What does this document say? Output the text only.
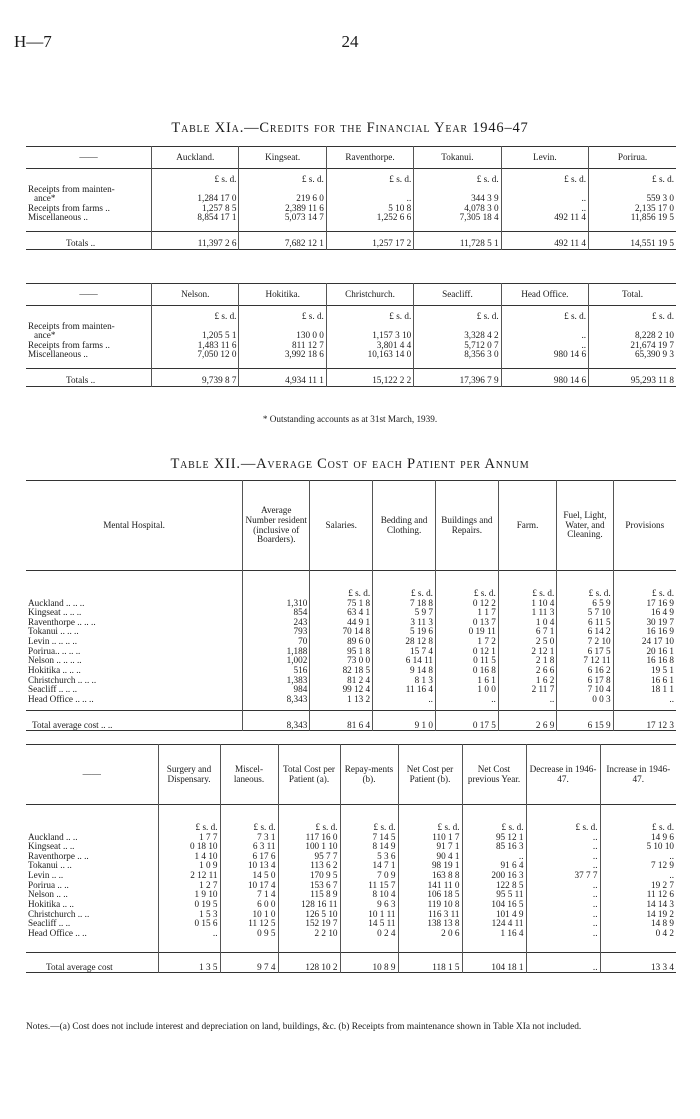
H—7	24
Table XIa.—Credits for the Financial Year 1946–47
——	Auckland.	Kingseat.	Raventhorpe.	Tokanui.	Levin.	Porirua.
	£ s. d.	£ s. d.	£ s. d.	£ s. d.	£ s. d.	£ s. d.
Receipts from mainten-
ance*	1,284 17 0	219 6 0	..	344 3 9	..	559 3 0
Receipts from farms ..	1,257 8 5	2,389 11 6	5 10 8	4,078 3 0	..	2,135 17 0
Miscellaneous ..	8,854 17 1	5,073 14 7	1,252 6 6	7,305 18 4	492 11 4	11,856 19 5

Totals ..	11,397 2 6	7,682 12 1	1,257 17 2	11,728 5 1	492 11 4	14,551 19 5
——	Nelson.	Hokitika.	Christchurch.	Seacliff.	Head Office.	Total.
	£ s. d.	£ s. d.	£ s. d.	£ s. d.	£ s. d.	£ s. d.
Receipts from mainten-
ance*	1,205 5 1	130 0 0	1,157 3 10	3,328 4 2	..	8,228 2 10
Receipts from farms ..	1,483 11 6	811 12 7	3,801 4 4	5,712 0 7	..	21,674 19 7
Miscellaneous ..	7,050 12 0	3,992 18 6	10,163 14 0	8,356 3 0	980 14 6	65,390 9 3

Totals ..	9,739 8 7	4,934 11 1	15,122 2 2	17,396 7 9	980 14 6	95,293 11 8
* Outstanding accounts as at 31st March, 1939.
Table XII.—Average Cost of each Patient per Annum
Mental Hospital.	Average Number resident (inclusive of Boarders).	Salaries.	Bedding and Clothing.	Buildings and Repairs.	Farm.	Fuel, Light, Water, and Cleaning.	Provisions
		£ s. d.	£ s. d.	£ s. d.	£ s. d.	£ s. d.	£ s. d.
Auckland .. .. ..	1,310	75 1 8	7 18 8	0 12 2	1 10 4	6 5 9	17 16 9
Kingseat .. .. ..	854	63 4 1	5 9 7	1 1 7	1 11 3	5 7 10	16 4 9
Raventhorpe .. .. ..	243	44 9 1	3 11 3	0 13 7	1 0 4	6 11 5	30 19 7
Tokanui .. .. ..	793	70 14 8	5 19 6	0 19 11	6 7 1	6 14 2	16 16 9
Levin .. .. .. ..	70	89 6 0	28 12 8	1 7 2	2 5 0	7 2 10	24 17 10
Porirua.. .. .. ..	1,188	95 1 8	15 7 4	0 12 1	2 12 1	6 17 5	20 16 1
Nelson .. .. .. ..	1,002	73 0 0	6 14 11	0 11 5	2 1 8	7 12 11	16 16 8
Hokitika .. .. ..	516	82 18 5	9 14 8	0 16 8	2 6 6	6 16 2	19 5 1
Christchurch .. .. ..	1,383	81 2 4	8 1 3	1 6 1	1 6 2	6 17 8	16 6 1
Seacliff .. .. ..	984	99 12 4	11 16 4	1 0 0	2 11 7	7 10 4	18 1 1
Head Office .. .. ..	8,343	1 13 2	..	..	..	0 0 3	..

Total average cost .. ..	8,343	81 6 4	9 1 0	0 17 5	2 6 9	6 15 9	17 12 3
——	Surgery and Dispensary.	Miscel-laneous.	Total Cost per Patient (a).	Repay-ments (b).	Net Cost per Patient (b).	Net Cost previous Year.	Decrease in 1946-47.	Increase in 1946-47.
	£ s. d.	£ s. d.	£ s. d.	£ s. d.	£ s. d.	£ s. d.	£ s. d.	£ s. d.
Auckland .. ..	1 7 7	7 3 1	117 16 0	7 14 5	110 1 7	95 12 1	..	14 9 6
Kingseat .. ..	0 18 10	6 3 11	100 1 10	8 14 9	91 7 1	85 16 3	..	5 10 10
Raventhorpe .. ..	1 4 10	6 17 6	95 7 7	5 3 6	90 4 1	..	..	..
Tokanui .. ..	1 0 9	10 13 4	113 6 2	14 7 1	98 19 1	91 6 4	..	7 12 9
Levin .. ..	2 12 11	14 5 0	170 9 5	7 0 9	163 8 8	200 16 3	37 7 7	..
Porirua .. ..	1 2 7	10 17 4	153 6 7	11 15 7	141 11 0	122 8 5	..	19 2 7
Nelson .. ..	1 9 10	7 1 4	115 8 9	8 10 4	106 18 5	95 5 11	..	11 12 6
Hokitika .. ..	0 19 5	6 0 0	128 16 11	9 6 3	119 10 8	104 16 5	..	14 14 3
Christchurch .. ..	1 5 3	10 1 0	126 5 10	10 1 11	116 3 11	101 4 9	..	14 19 2
Seacliff .. ..	0 15 6	11 12 5	152 19 7	14 5 11	138 13 8	124 4 11	..	14 8 9
Head Office .. ..	..	0 9 5	2 2 10	0 2 4	2 0 6	1 16 4	..	0 4 2

Total average cost	1 3 5	9 7 4	128 10 2	10 8 9	118 1 5	104 18 1	..	13 3 4
Notes.—(a) Cost does not include interest and depreciation on land, buildings, &c. (b) Receipts from maintenance shown in Table XIa not included.
